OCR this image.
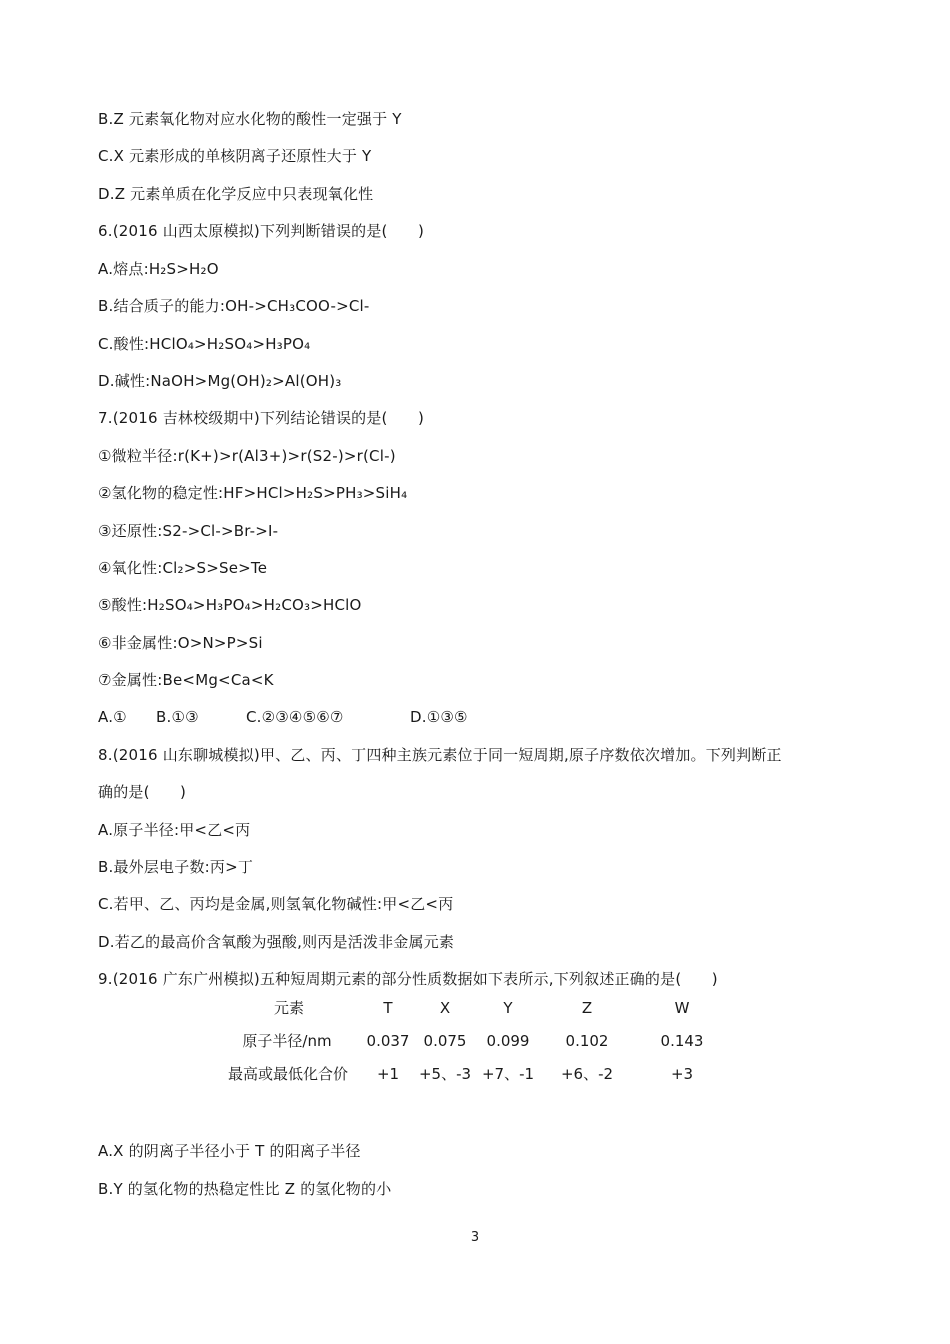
B.Z 元素氧化物对应水化物的酸性一定强于 Y
C.X 元素形成的单核阴离子还原性大于 Y
D.Z 元素单质在化学反应中只表现氧化性
6.(2016 山西太原模拟)下列判断错误的是(　　)
A.熔点:H₂S>H₂O
B.结合质子的能力:OH->CH₃COO->Cl-
C.酸性:HClO₄>H₂SO₄>H₃PO₄
D.碱性:NaOH>Mg(OH)₂>Al(OH)₃
7.(2016 吉林校级期中)下列结论错误的是(　　)
①微粒半径:r(K+)>r(Al3+)>r(S2-)>r(Cl-)
②氢化物的稳定性:HF>HCl>H₂S>PH₃>SiH₄
③还原性:S2->Cl->Br->I-
④氧化性:Cl₂>S>Se>Te
⑤酸性:H₂SO₄>H₃PO₄>H₂CO₃>HClO
⑥非金属性:O>N>P>Si
⑦金属性:Be<Mg<Ca<K
A.① B.①③	C.②③④⑤⑥⑦	D.①③⑤
8.(2016 山东聊城模拟)甲、乙、丙、丁四种主族元素位于同一短周期,原子序数依次增加。下列判断正
确的是(　　)
A.原子半径:甲<乙<丙
B.最外层电子数:丙>丁
C.若甲、乙、丙均是金属,则氢氧化物碱性:甲<乙<丙
D.若乙的最高价含氧酸为强酸,则丙是活泼非金属元素
9.(2016 广东广州模拟)五种短周期元素的部分性质数据如下表所示,下列叙述正确的是(　　)
元素	T	X	Y	Z	W
原子半径/nm 0.037 0.075 0.099 0.102	0.143
最高或最低化合价 +1 +5、-3 +7、-1 +6、-2	+3
A.X 的阴离子半径小于 T 的阳离子半径
B.Y 的氢化物的热稳定性比 Z 的氢化物的小
3
